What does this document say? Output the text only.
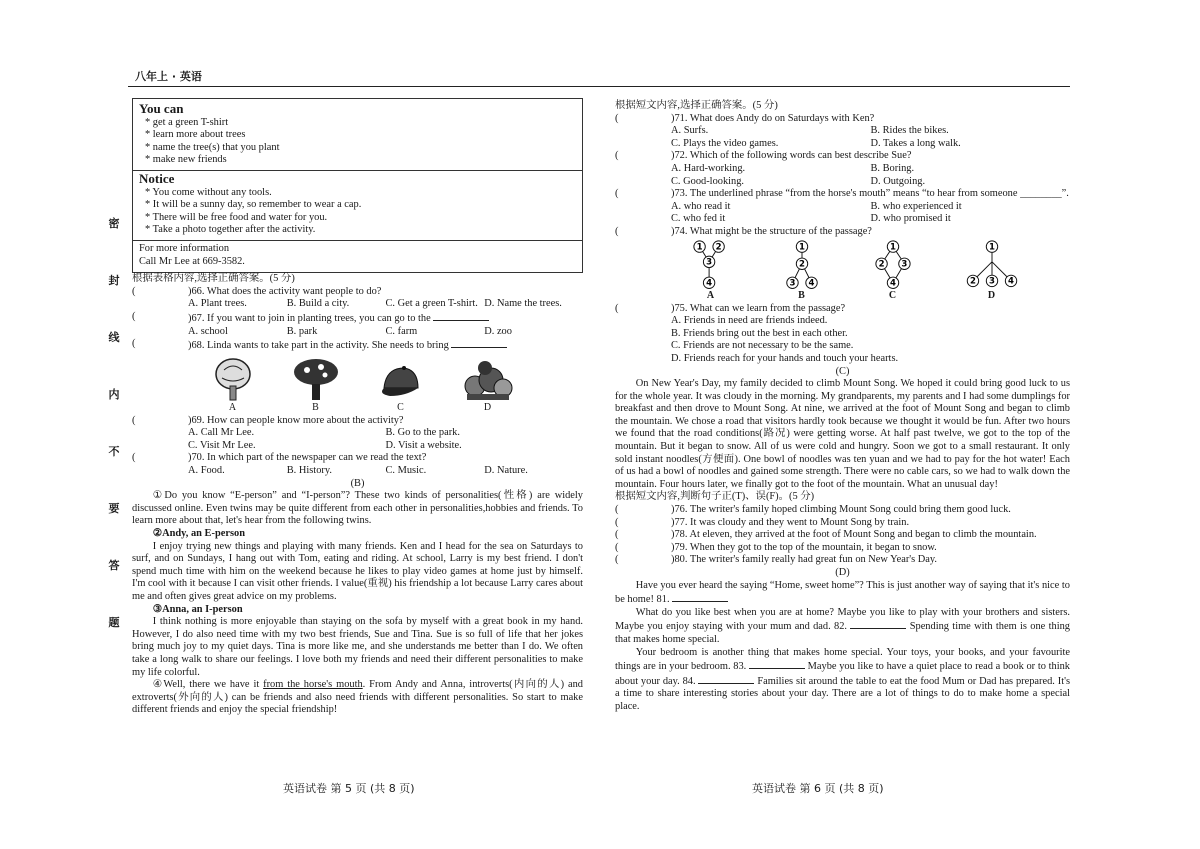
八年上 · 英语
密
封
线
内
不
要
答
题
You can
* get a green T-shirt
* learn more about trees
* name the tree(s) that you plant
* make new friends
Notice
* You come without any tools.
* It will be a sunny day, so remember to wear a cap.
* There will be free food and water for you.
* Take a photo together after the activity.
For more information
Call Mr Lee at 669-3582.
根据表格内容,选择正确答案。(5 分)
(	)66. What does the activity want people to do?
A. Plant trees.	B. Build a city.	C. Get a green T-shirt. D. Name the trees.
(	)67. If you want to join in planting trees, you can go to the
A. school	B. park	C. farm	D. zoo
(	)68. Linda wants to take part in the activity. She needs to bring
A	B	C	D
(	)69. How can people know more about the activity?
A. Call Mr Lee.	B. Go to the park.
C. Visit Mr Lee.	D. Visit a website.
(	)70. In which part of the newspaper can we read the text?
A. Food.	B. History.	C. Music.	D. Nature.
(B)
①Do you know “E-person” and “I-person”? These two kinds of personalities(性格) are widely discussed online. Even twins may be quite different from each other in personalities,hobbies and friends. To learn more about that, let's hear from the following twins.
②Andy, an E-person
I enjoy trying new things and playing with many friends. Ken and I head for the sea on Saturdays to surf, and on Sundays, I hang out with Tom, eating and riding. At school, Larry is my best friend. I don't spend much time with him on the weekend because he likes to play video games at home just by himself. I'm cool with it because I can visit other friends. I value(重视) his friendship a lot because Larry cares about me and often gives great advice on my problems.
③Anna, an I-person
I think nothing is more enjoyable than staying on the sofa by myself with a great book in my hand. However, I do also need time with my two best friends, Sue and Tina. Sue is so full of life that her jokes bring much joy to my quiet days. Tina is more like me, and she understands me better than I do. We often take a long walk to share our feelings. I love both my friends and need their different personalities to make my life colorful.
④Well, there we have it from the horse's mouth. From Andy and Anna, introverts(内向的人) and extroverts(外向的人) can be friends and also need friends with different personalities. So start to make different friends and enjoy the special friendship!
英语试卷 第 5 页 (共 8 页)
根据短文内容,选择正确答案。(5 分)
(	)71. What does Andy do on Saturdays with Ken?
A. Surfs.	B. Rides the bikes.
C. Plays the video games.	D. Takes a long walk.
(	)72. Which of the following words can best describe Sue?
A. Hard-working.	B. Boring.
C. Good-looking.	D. Outgoing.
(	)73. The underlined phrase “from the horse's mouth” means “to hear from someone ________”.
A. who read it	B. who experienced it
C. who fed it	D. who promised it
(	)74. What might be the structure of the passage?
1 2
3
4
A
1
2
3 4
B
1
2 3
4
C
1
2 3 4
D
(	)75. What can we learn from the passage?
A. Friends in need are friends indeed.
B. Friends bring out the best in each other.
C. Friends are not necessary to be the same.
D. Friends reach for your hands and touch your hearts.
(C)
On New Year's Day, my family decided to climb Mount Song. We hoped it could bring good luck to us for the whole year. It was cloudy in the morning. My grandparents, my parents and I had some dumplings for breakfast and then drove to Mount Song. At nine, we arrived at the foot of Mount Song and began to climb the mountain. We chose a road that visitors hardly took because we thought it would be fun. After two hours we found that the road conditions(路况) were getting worse. At half past twelve, we got to the top of the mountain. But it began to snow. All of us were cold and hungry. Soon we got to a small restaurant. It only sold instant noodles(方便面). One bowl of noodles was ten yuan and we had to pay for the hot water! Each of us had a bowl of noodles and gained some strength. There were no cable cars, so we had to walk down the mountain. Four hours later, we finally got to the foot of the mountain. What an unusual day!
根据短文内容,判断句子正(T)、误(F)。(5 分)
(	)76. The writer's family hoped climbing Mount Song could bring them good luck.
(	)77. It was cloudy and they went to Mount Song by train.
(	)78. At eleven, they arrived at the foot of Mount Song and began to climb the mountain.
(	)79. When they got to the top of the mountain, it began to snow.
(	)80. The writer's family really had great fun on New Year's Day.
(D)
Have you ever heard the saying “Home, sweet home”? This is just another way of saying that it's nice to be home! 81.
What do you like best when you are at home? Maybe you like to play with your brothers and sisters. Maybe you enjoy staying with your mum and dad. 82.	Spending time with them is one thing that makes home special.
Your bedroom is another thing that makes home special. Your toys, your books, and your favourite things are in your bedroom. 83.	Maybe you like to have a quiet place to read a book or to think about your day. 84.	Families sit around the table to eat the food Mum or Dad has prepared. It's a time to share interesting stories about your day. There are a lot of things to do to make home a special place.
英语试卷 第 6 页 (共 8 页)
